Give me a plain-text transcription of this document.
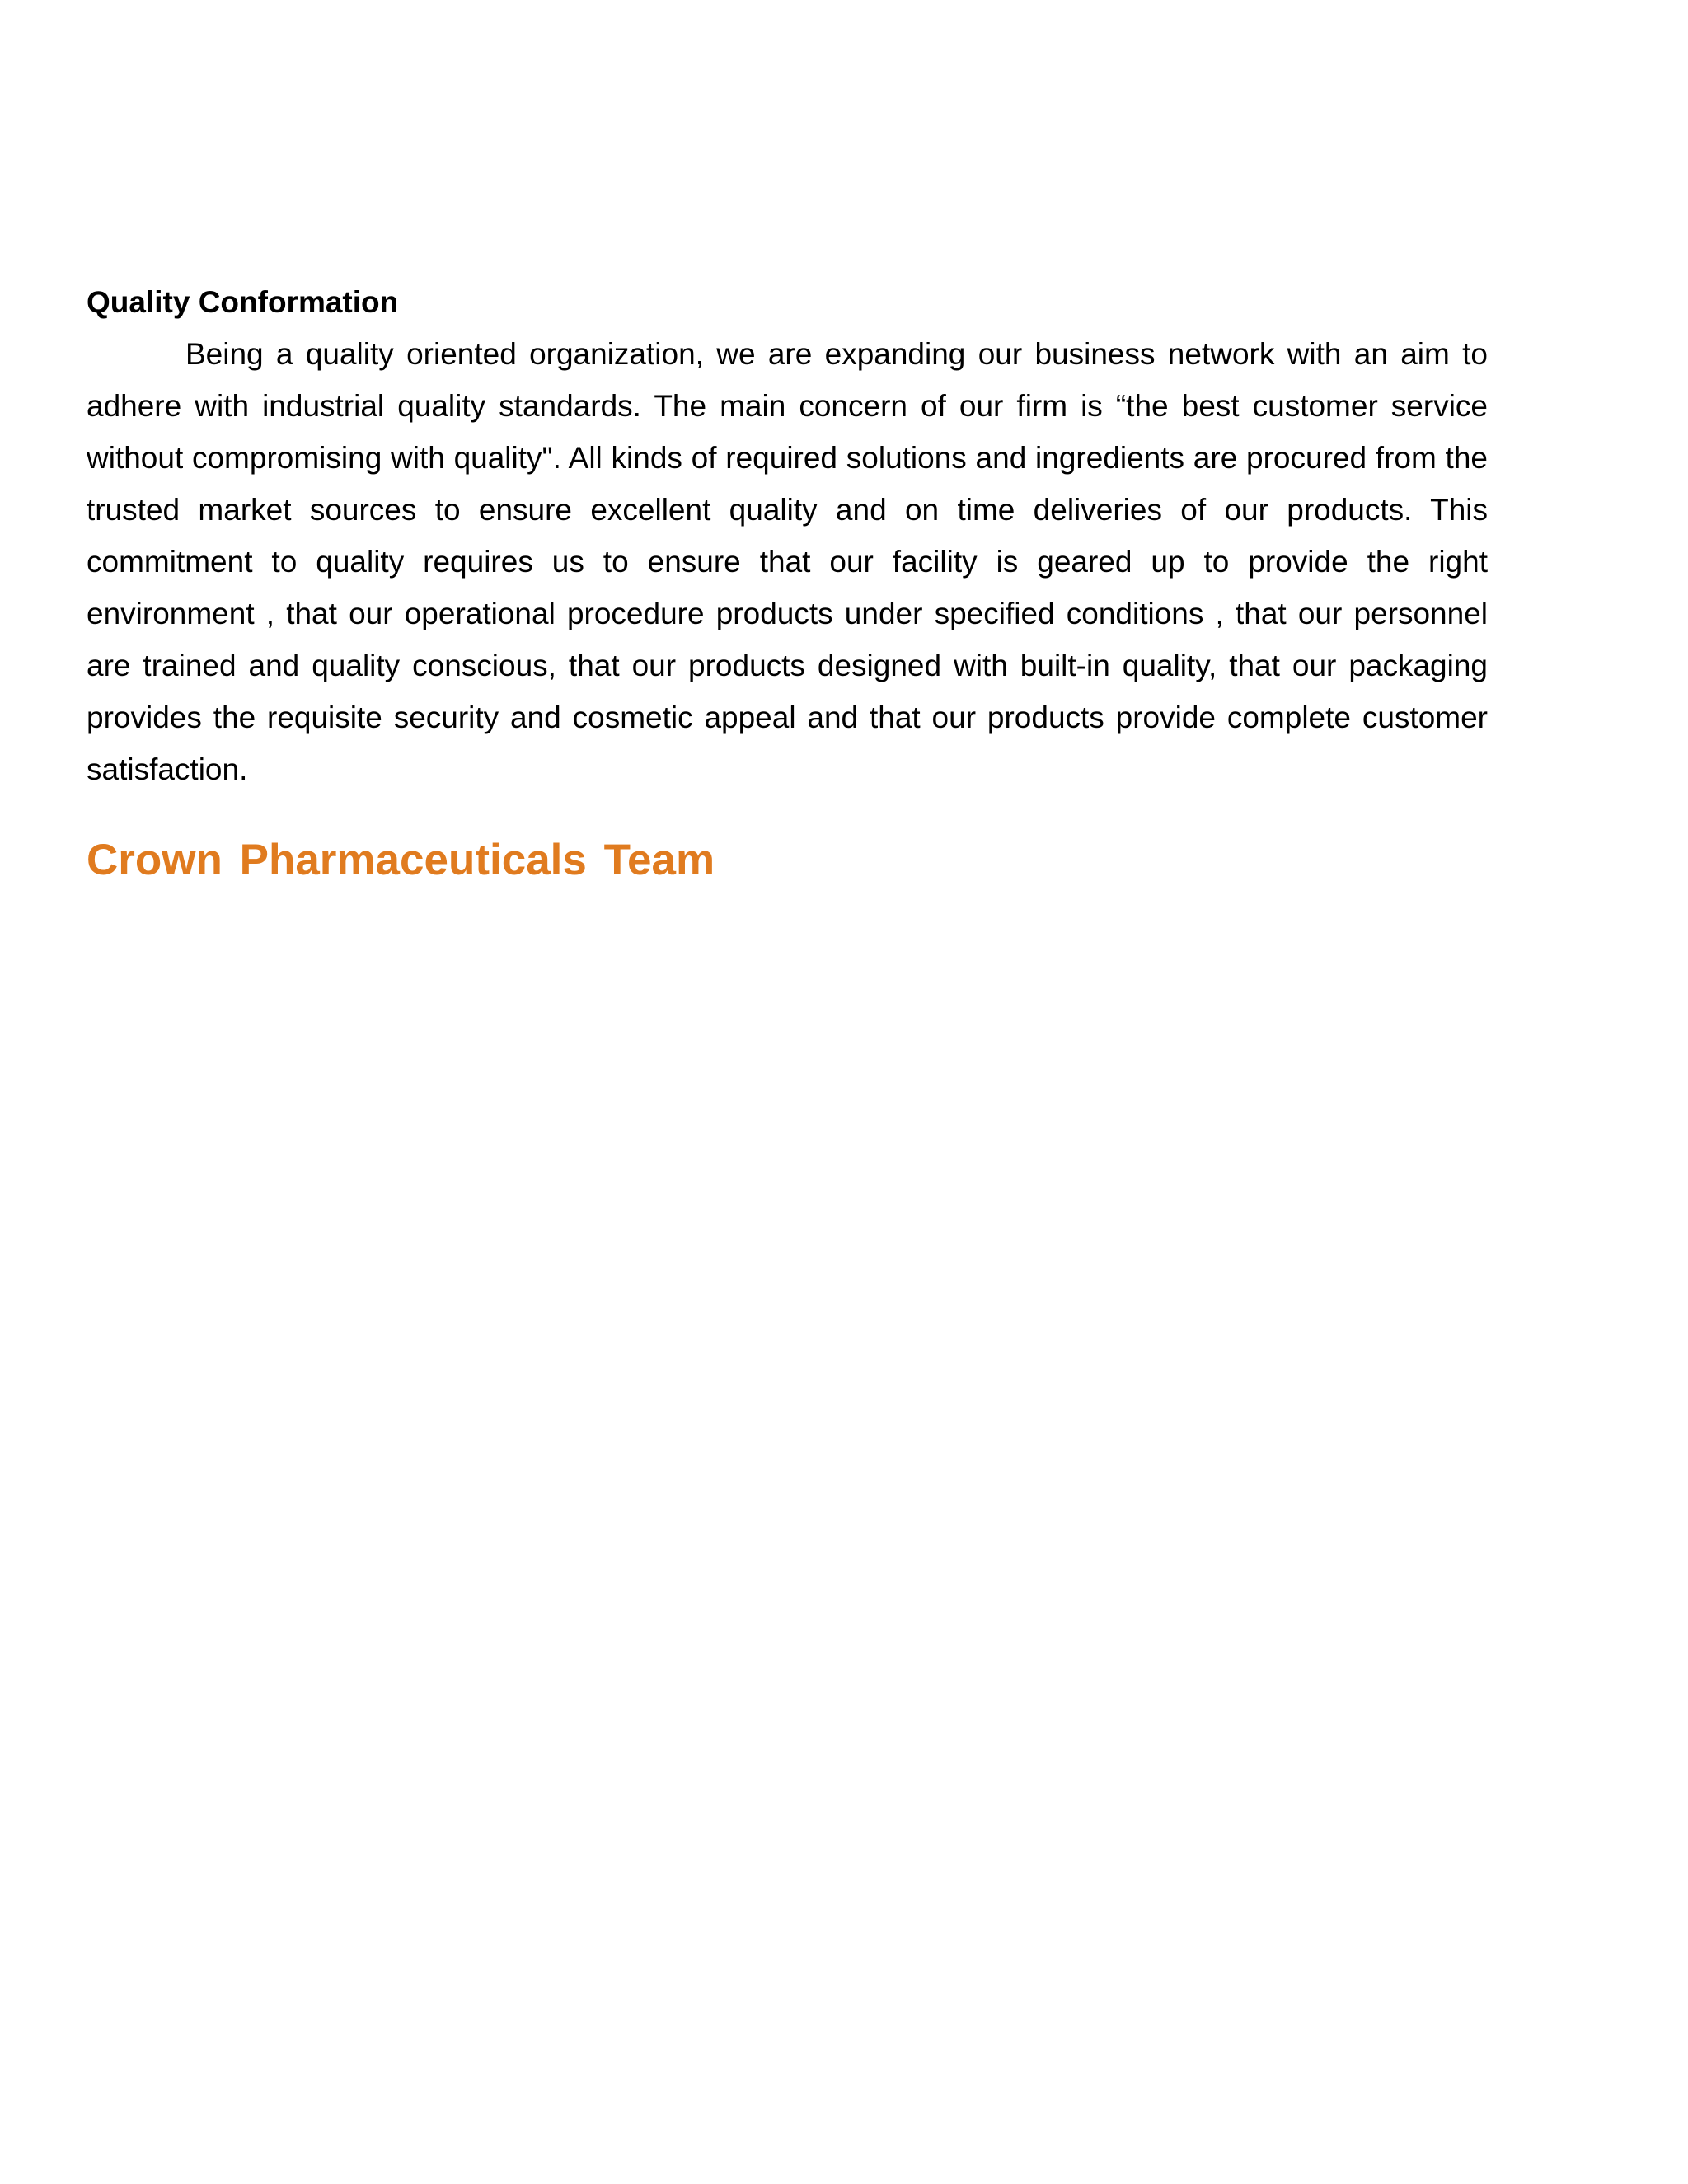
Quality Conformation

Being a quality oriented organization, we are expanding our business network with an aim to adhere with industrial quality standards. The main concern of our firm is “the best customer service without compromising with quality". All kinds of required solutions and ingredients are procured from the trusted market sources to ensure excellent quality and on time deliveries of our products. This commitment to quality requires us to ensure that our facility is geared up to provide the right environment , that our operational procedure products under specified conditions , that our personnel are trained and quality conscious, that our products designed with built-in quality, that our packaging provides the requisite security and cosmetic appeal and that our products provide complete customer satisfaction.

Crown Pharmaceuticals Team
